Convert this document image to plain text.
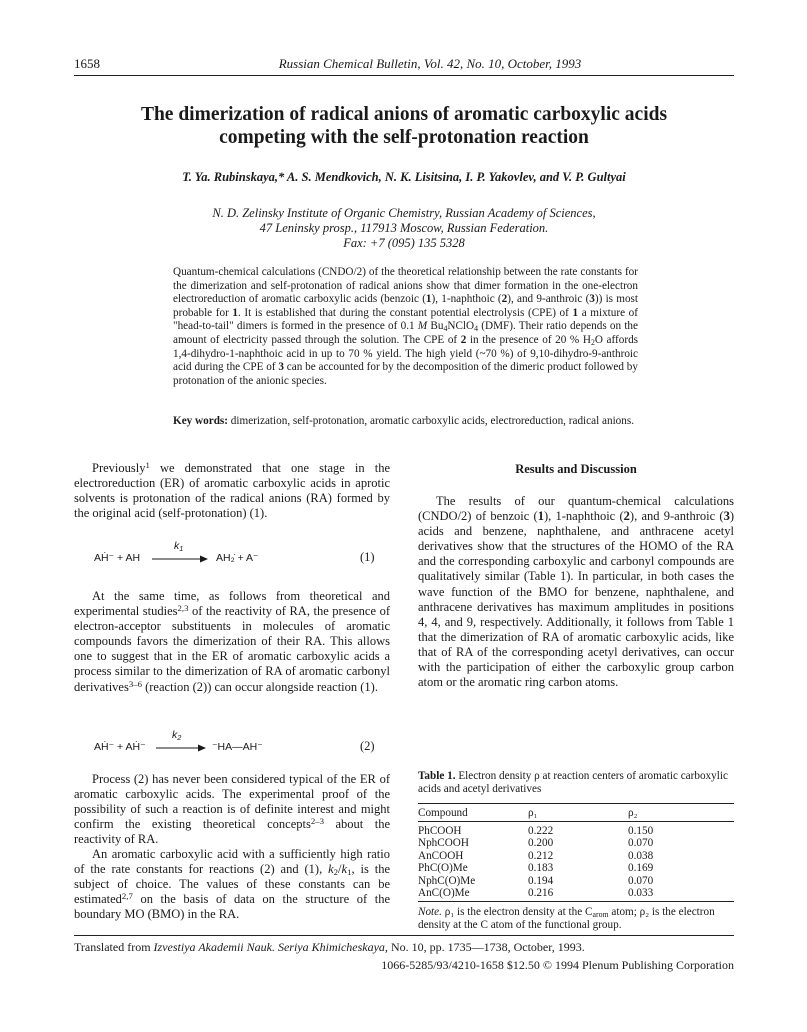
1658	Russian Chemical Bulletin, Vol. 42, No. 10, October, 1993
The dimerization of radical anions of aromatic carboxylic acids
competing with the self-protonation reaction
T. Ya. Rubinskaya,* A. S. Mendkovich, N. K. Lisitsina, I. P. Yakovlev, and V. P. Gultyai
N. D. Zelinsky Institute of Organic Chemistry, Russian Academy of Sciences,
47 Leninsky prosp., 117913 Moscow, Russian Federation.
Fax: +7 (095) 135 5328
Quantum-chemical calculations (CNDO/2) of the theoretical relationship between the rate constants for the dimerization and self-protonation of radical anions show that dimer formation in the one-electron electroreduction of aromatic carboxylic acids (benzoic (1), 1-naphthoic (2), and 9-anthroic (3)) is most probable for 1. It is established that during the constant potential electrolysis (CPE) of 1 a mixture of "head-to-tail" dimers is formed in the presence of 0.1 M $Bu_4NClO_4$ (DMF). Their ratio depends on the amount of electricity passed through the solution. The CPE of 2 in the presence of 20 % $H_2O$ affords 1,4-dihydro-1-naphthoic acid in up to 70 % yield. The high yield (~70 %) of 9,10-dihydro-9-anthroic acid during the CPE of 3 can be accounted for by the decomposition of the dimeric product followed by protonation of the anionic species.
Key words: dimerization, self-protonation, aromatic carboxylic acids, electroreduction, radical anions.

Previously$^1$ we demonstrated that one stage in the electroreduction (ER) of aromatic carboxylic acids in aprotic solvents is protonation of the radical anions (RA) formed by the original acid (self-protonation) (1).

AḢ⁻ + AH
$k_1$
AH₂̇ + A⁻	(1)

At the same time, as follows from theoretical and experimental studies$^{2,3}$ of the reactivity of RA, the presence of electron-acceptor substituents in molecules of aromatic compounds favors the dimerization of their RA. This allows one to suggest that in the ER of aromatic carboxylic acids a process similar to the dimerization of RA of aromatic carbonyl derivatives$^{3-6}$ (reaction (2)) can occur alongside reaction (1).

AḢ⁻ + AḢ⁻
$k_2$
⁻HA—AH⁻	(2)

Process (2) has never been considered typical of the ER of aromatic carboxylic acids. The experimental proof of the possibility of such a reaction is of definite interest and might confirm the existing theoretical concepts$^{2-3}$ about the reactivity of RA.

An aromatic carboxylic acid with a sufficiently high ratio of the rate constants for reactions (2) and (1), $k_2/k_1$, is the subject of choice. The values of these constants can be estimated$^{2,7}$ on the basis of data on the structure of the boundary MO (BMO) in the RA.

Results and Discussion

The results of our quantum-chemical calculations (CNDO/2) of benzoic (1), 1-naphthoic (2), and 9-anthroic (3) acids and benzene, naphthalene, and anthracene acetyl derivatives show that the structures of the HOMO of the RA and the corresponding carboxylic and carbonyl compounds are qualitatively similar (Table 1). In particular, in both cases the wave function of the BMO for benzene, naphthalene, and anthracene derivatives has maximum amplitudes in positions 4, 4, and 9, respectively. Additionally, it follows from Table 1 that the dimerization of RA of aromatic carboxylic acids, like that of RA of the corresponding acetyl derivatives, can occur with the participation of either the carboxylic group carbon atom or the aromatic ring carbon atoms.

Table 1. Electron density ρ at reaction centers of aromatic carboxylic acids and acetyl derivatives
Compound	ρ₁	ρ₂
PhCOOH	0.222	0.150
NphCOOH	0.200	0.070
AnCOOH	0.212	0.038
PhC(O)Me	0.183	0.169
NphC(O)Me	0.194	0.070
AnC(O)Me	0.216	0.033
Note. ρ₁ is the electron density at the $C_{arom}$ atom; ρ₂ is the electron density at the C atom of the functional group.
Translated from Izvestiya Akademii Nauk. Seriya Khimicheskaya, No. 10, pp. 1735—1738, October, 1993.
1066-5285/93/4210-1658 $12.50 © 1994 Plenum Publishing Corporation
